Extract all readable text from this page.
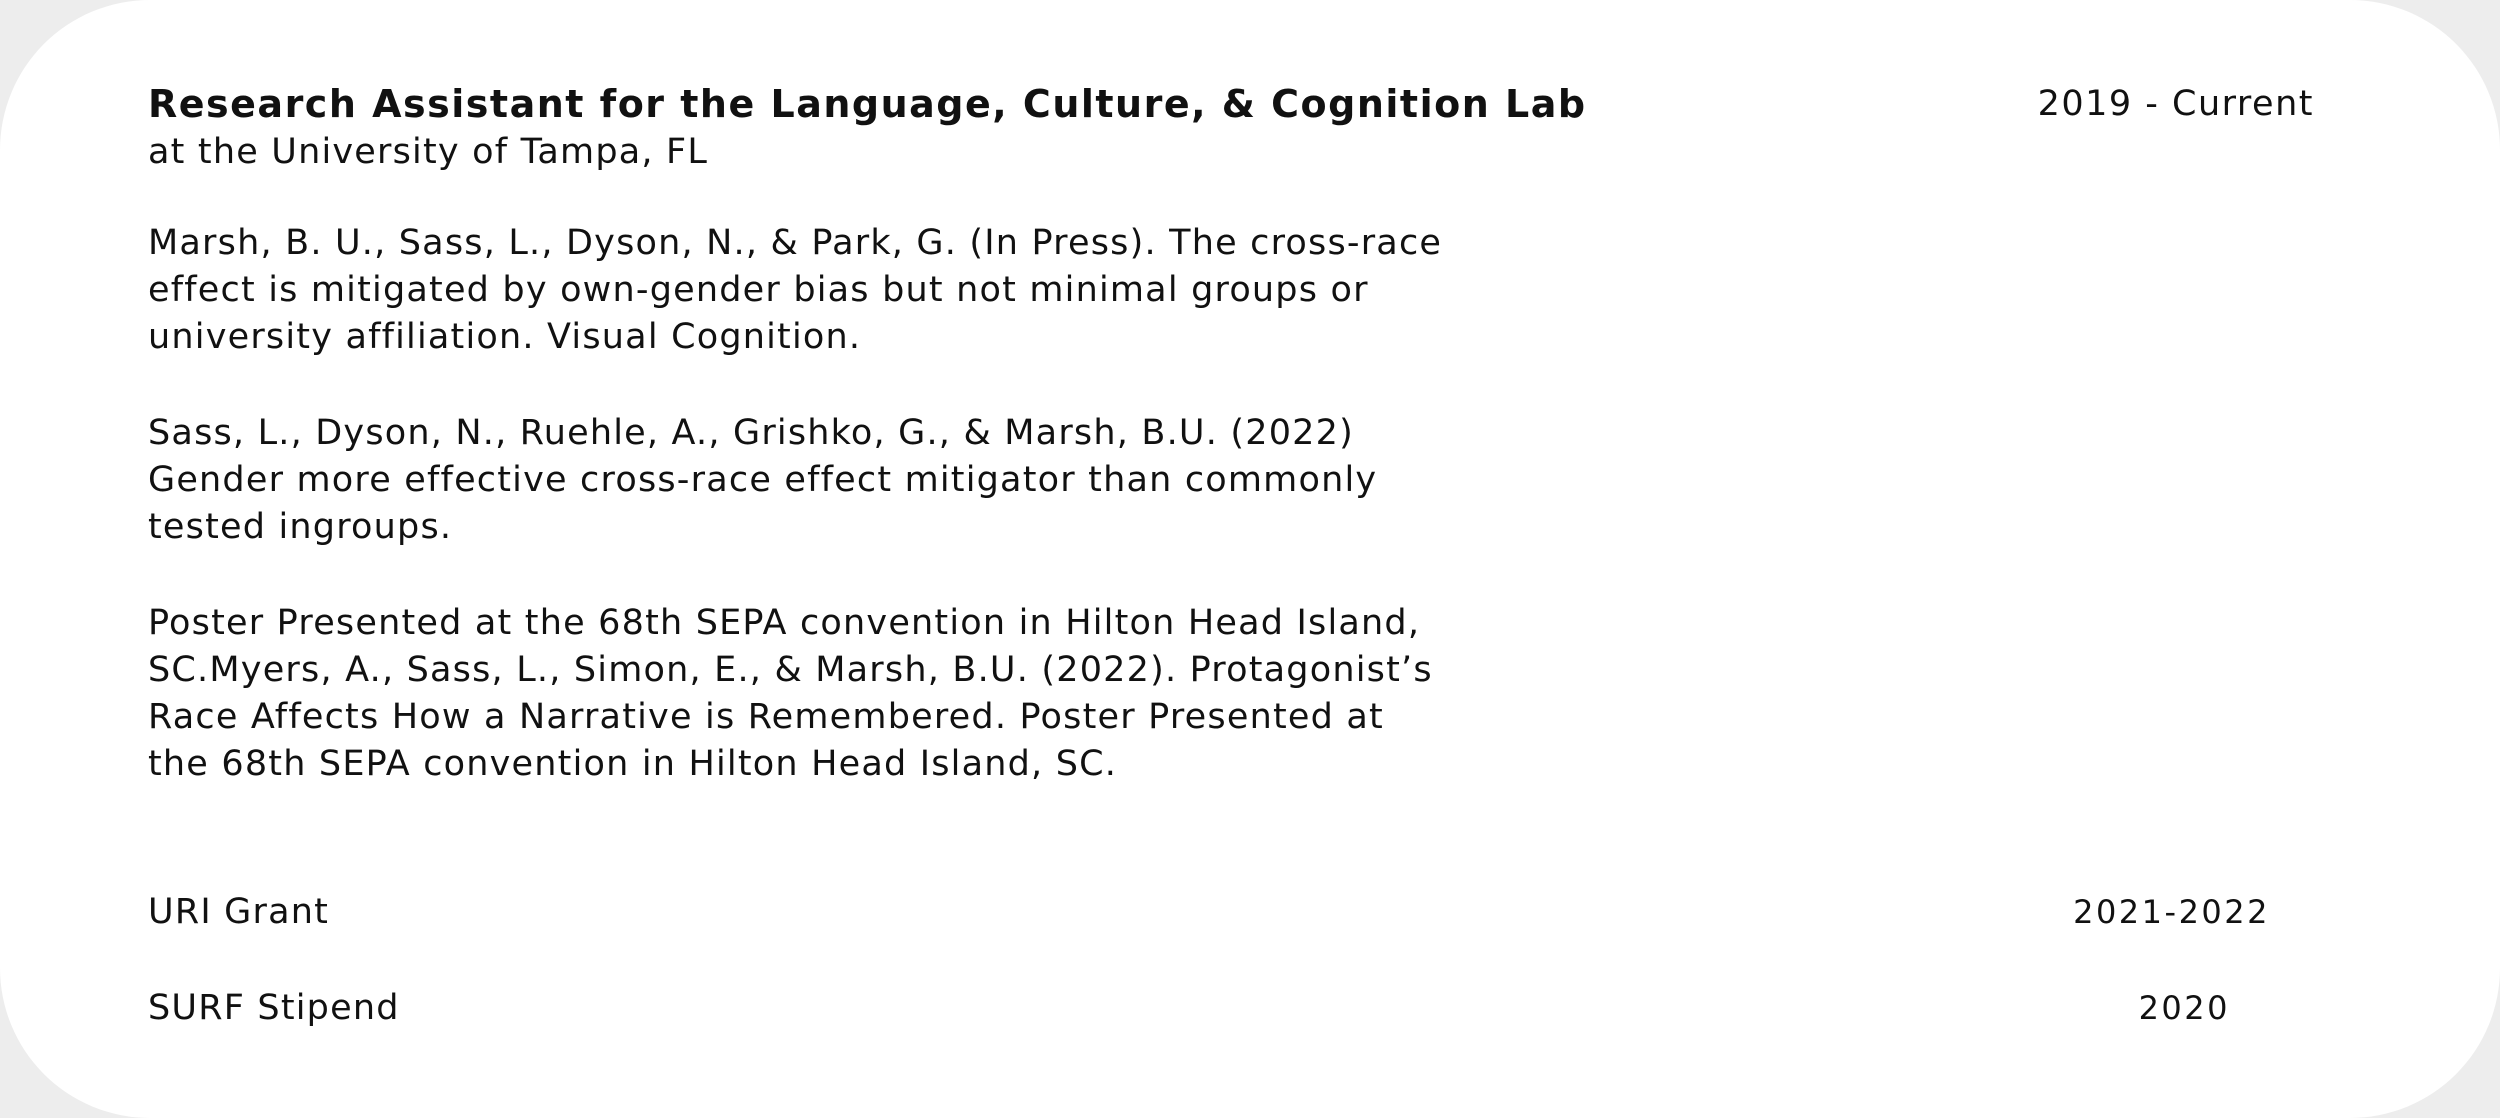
Research Assistant for the Language, Culture, & Cognition Lab
at the University of Tampa, FL
2019 - Current

Marsh, B. U., Sass, L., Dyson, N., & Park, G. (In Press). The cross-race
effect is mitigated by own-gender bias but not minimal groups or
university affiliation. Visual Cognition.

Sass, L., Dyson, N., Ruehle, A., Grishko, G., & Marsh, B.U. (2022)
Gender more effective cross-race effect mitigator than commonly
tested ingroups.

Poster Presented at the 68th SEPA convention in Hilton Head Island,
SC.Myers, A., Sass, L., Simon, E., & Marsh, B.U. (2022). Protagonist’s
Race Affects How a Narrative is Remembered. Poster Presented at
the 68th SEPA convention in Hilton Head Island, SC.

URI Grant	2021-2022
SURF Stipend	2020
